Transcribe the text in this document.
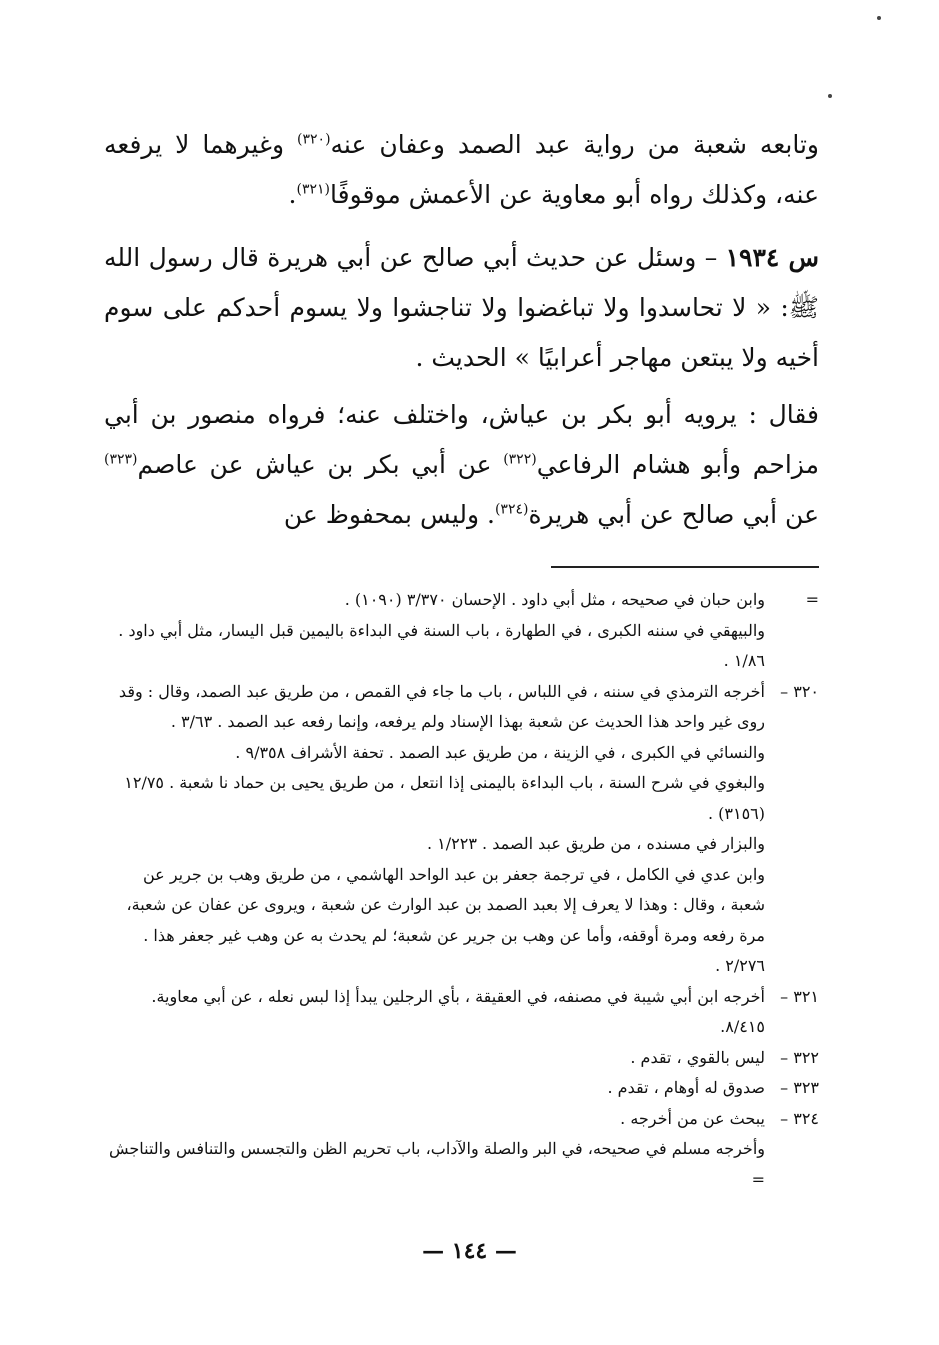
وتابعه شعبة من رواية عبد الصمد وعفان عنه$^{(٣٢٠)}$ وغيرهما لا يرفعه عنه، وكذلك رواه أبو معاوية عن الأعمش موقوفًا$^{(٣٢١)}$.

س ١٩٣٤ – وسئل عن حديث أبي صالح عن أبي هريرة قال رسول الله ﷺ: « لا تحاسدوا ولا تباغضوا ولا تناجشوا ولا يسوم أحدكم على سوم أخيه ولا يبتعن مهاجر أعرابيًا » الحديث .

فقال : يرويه أبو بكر بن عياش، واختلف عنه؛ فرواه منصور بن أبي مزاحم وأبو هشام الرفاعي$^{(٣٢٢)}$ عن أبي بكر بن عياش عن عاصم$^{(٣٢٣)}$ عن أبي صالح عن أبي هريرة$^{(٣٢٤)}$. وليس بمحفوظ عن

=

وابن حبان في صحيحه ، مثل أبي داود . الإحسان ٣/٣٧٠ (١٠٩٠) .

والبيهقي في سننه الكبرى ، في الطهارة ، باب السنة في البداءة باليمين قبل اليسار، مثل أبي داود . ١/٨٦ .

٣٢٠ –

أخرجه الترمذي في سننه ، في اللباس ، باب ما جاء في القمص ، من طريق عبد الصمد، وقال : وقد روى غير واحد هذا الحديث عن شعبة بهذا الإسناد ولم يرفعه، وإنما رفعه عبد الصمد . ٣/٦٣ .

والنسائي في الكبرى ، في الزينة ، من طريق عبد الصمد . تحفة الأشراف ٩/٣٥٨ .

والبغوي في شرح السنة ، باب البداءة باليمنى إذا انتعل ، من طريق يحيى بن حماد نا شعبة . ١٢/٧٥ (٣١٥٦) .

والبزار في مسنده ، من طريق عبد الصمد . ١/٢٢٣ .

وابن عدي في الكامل ، في ترجمة جعفر بن عبد الواحد الهاشمي ، من طريق وهب بن جرير عن شعبة ، وقال : وهذا لا يعرف إلا بعبد الصمد بن عبد الوارث عن شعبة ، ويروى عن عفان عن شعبة، مرة رفعه ومرة أوقفه، وأما عن وهب بن جرير عن شعبة؛ لم يحدث به عن وهب غير جعفر هذا . ٢/٢٧٦ .

٣٢١ –

أخرجه ابن أبي شيبة في مصنفه، في العقيقة ، بأي الرجلين يبدأ إذا لبس نعله ، عن أبي معاوية. ٨/٤١٥.

٣٢٢ –

ليس بالقوي ، تقدم .

٣٢٣ –

صدوق له أوهام ، تقدم .

٣٢٤ –

يبحث عن من أخرجه .

وأخرجه مسلم في صحيحه، في البر والصلة والآداب، باب تحريم الظن والتجسس والتنافس والتناجش =

— ١٤٤ —
